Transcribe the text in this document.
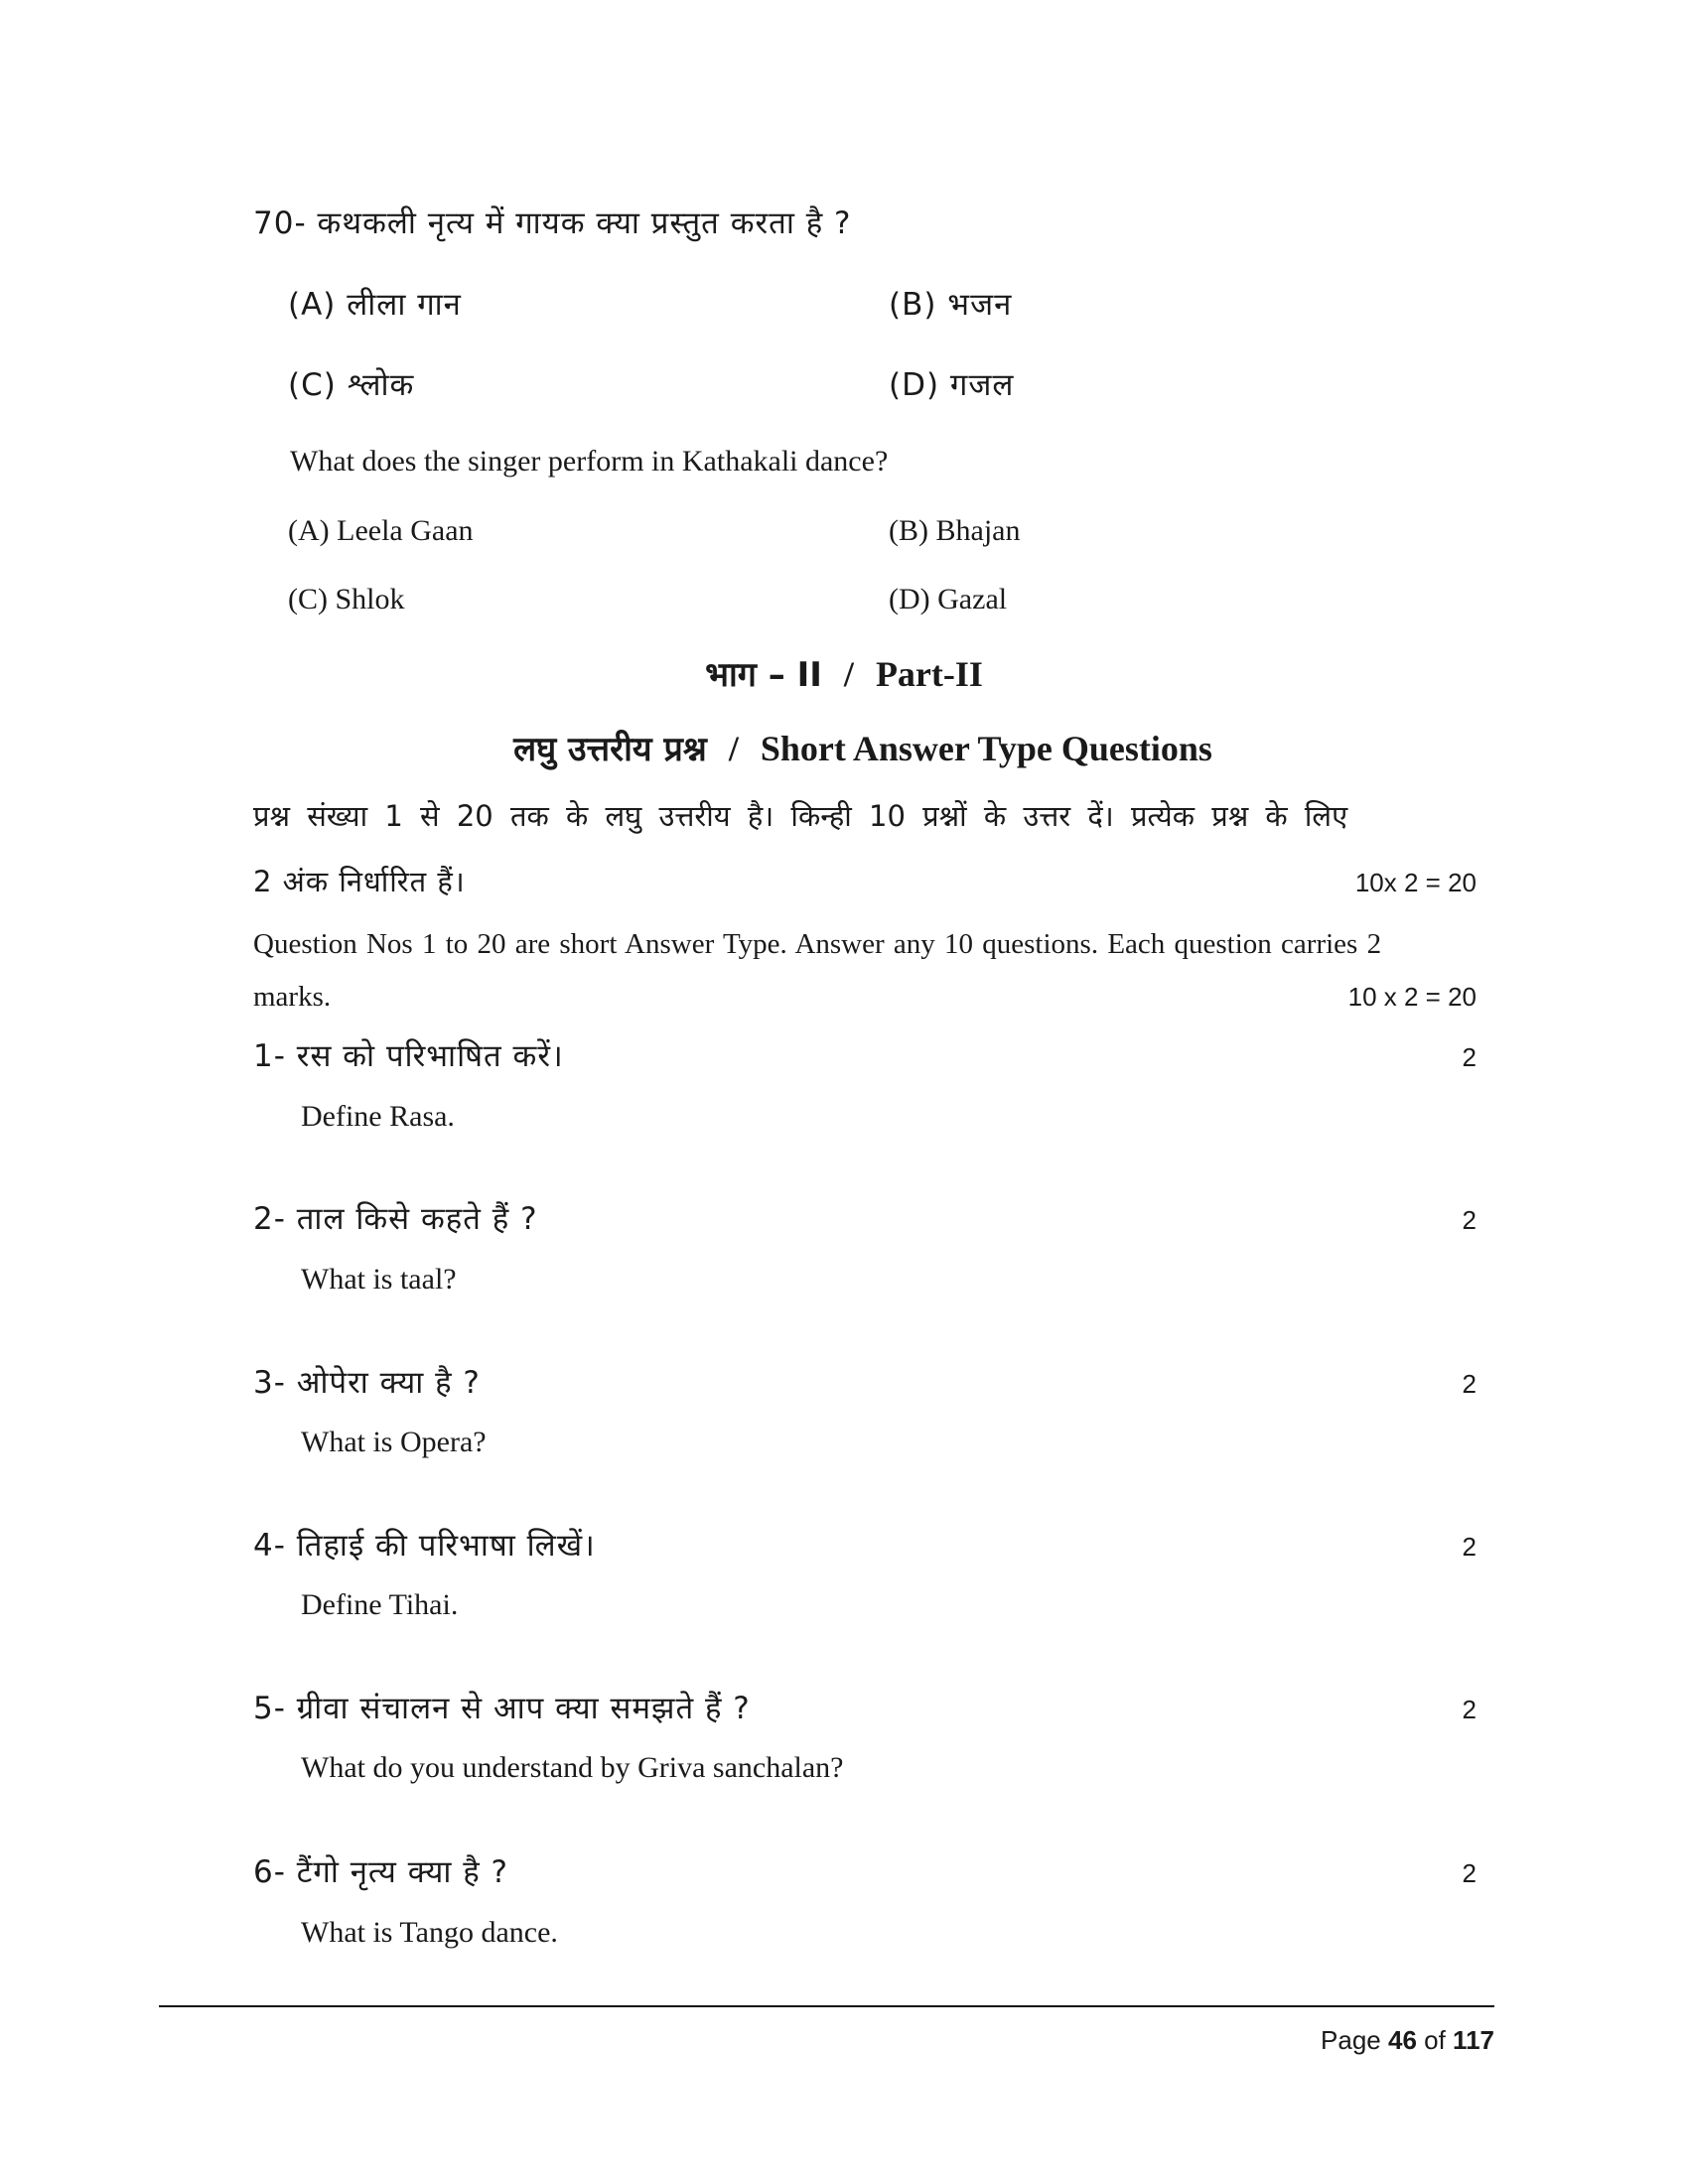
70- कथकली नृत्य में गायक क्या प्रस्तुत करता है ?
(A) लीला गान	(B) भजन
(C) श्लोक	(D) गजल
What does the singer perform in Kathakali dance?
(A) Leela Gaan	(B) Bhajan
(C) Shlok	(D) Gazal
भाग – II / Part-II
लघु उत्तरीय प्रश्न / Short Answer Type Questions
प्रश्न संख्या 1 से 20 तक के लघु उत्तरीय है। किन्ही 10 प्रश्नों के उत्तर दें। प्रत्येक प्रश्न के लिए
2 अंक निर्धारित हैं।	10x 2 = 20
Question Nos 1 to 20 are short Answer Type. Answer any 10 questions. Each question carries 2
marks.	10 x 2 = 20
1- रस को परिभाषित करें।	2
Define Rasa.
2- ताल किसे कहते हैं ?	2
What is taal?
3- ओपेरा क्या है ?	2
What is Opera?
4- तिहाई की परिभाषा लिखें।	2
Define Tihai.
5- ग्रीवा संचालन से आप क्या समझते हैं ?	2
What do you understand by Griva sanchalan?
6- टैंगो नृत्य क्या है ?	2
What is Tango dance.
Page 46 of 117
